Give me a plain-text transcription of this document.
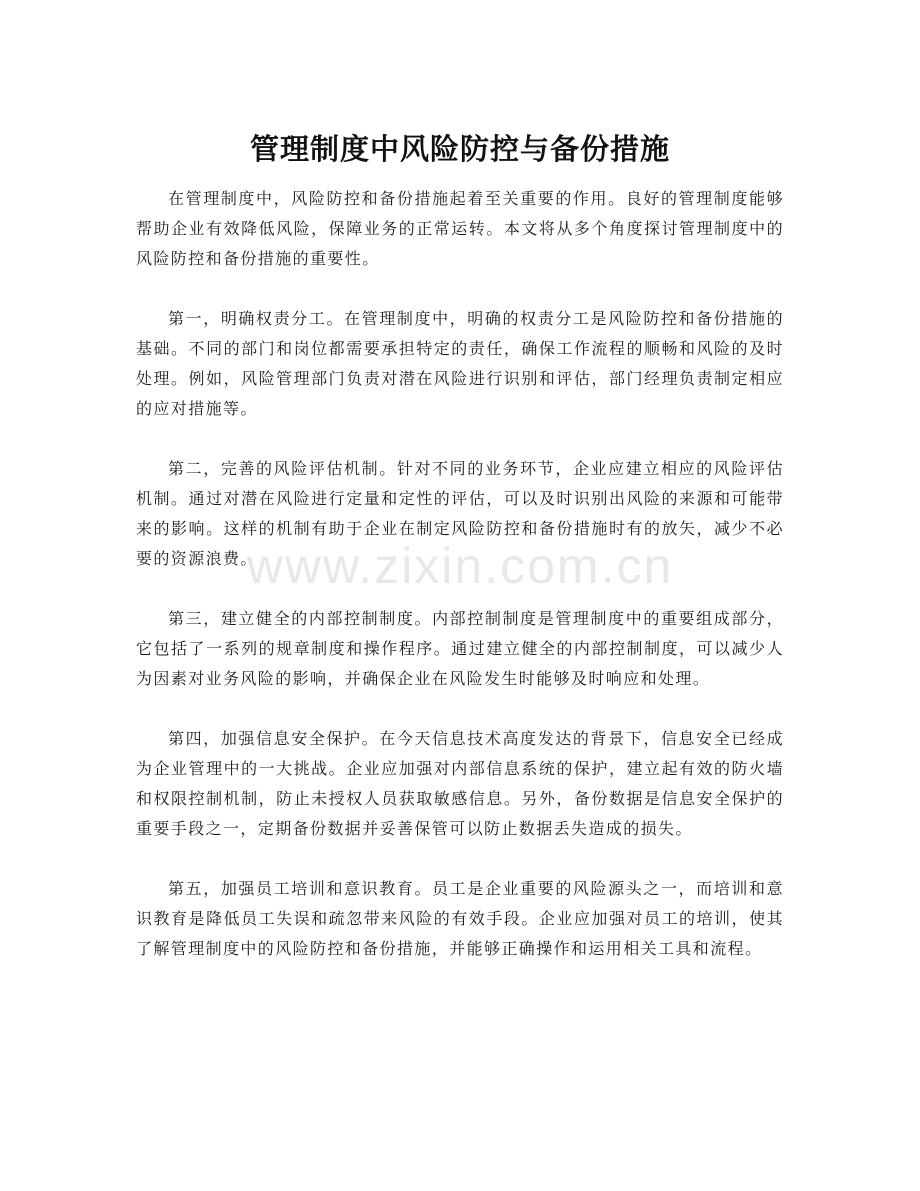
管理制度中风险防控与备份措施

在管理制度中，风险防控和备份措施起着至关重要的作用。良好的管理制度能够帮助企业有效降低风险，保障业务的正常运转。本文将从多个角度探讨管理制度中的风险防控和备份措施的重要性。

第一，明确权责分工。在管理制度中，明确的权责分工是风险防控和备份措施的基础。不同的部门和岗位都需要承担特定的责任，确保工作流程的顺畅和风险的及时处理。例如，风险管理部门负责对潜在风险进行识别和评估，部门经理负责制定相应的应对措施等。

第二，完善的风险评估机制。针对不同的业务环节，企业应建立相应的风险评估机制。通过对潜在风险进行定量和定性的评估，可以及时识别出风险的来源和可能带来的影响。这样的机制有助于企业在制定风险防控和备份措施时有的放矢，减少不必要的资源浪费。

第三，建立健全的内部控制制度。内部控制制度是管理制度中的重要组成部分，它包括了一系列的规章制度和操作程序。通过建立健全的内部控制制度，可以减少人为因素对业务风险的影响，并确保企业在风险发生时能够及时响应和处理。

第四，加强信息安全保护。在今天信息技术高度发达的背景下，信息安全已经成为企业管理中的一大挑战。企业应加强对内部信息系统的保护，建立起有效的防火墙和权限控制机制，防止未授权人员获取敏感信息。另外，备份数据是信息安全保护的重要手段之一，定期备份数据并妥善保管可以防止数据丢失造成的损失。

第五，加强员工培训和意识教育。员工是企业重要的风险源头之一，而培训和意识教育是降低员工失误和疏忽带来风险的有效手段。企业应加强对员工的培训，使其了解管理制度中的风险防控和备份措施，并能够正确操作和运用相关工具和流程。

www.zixin.com.cn
